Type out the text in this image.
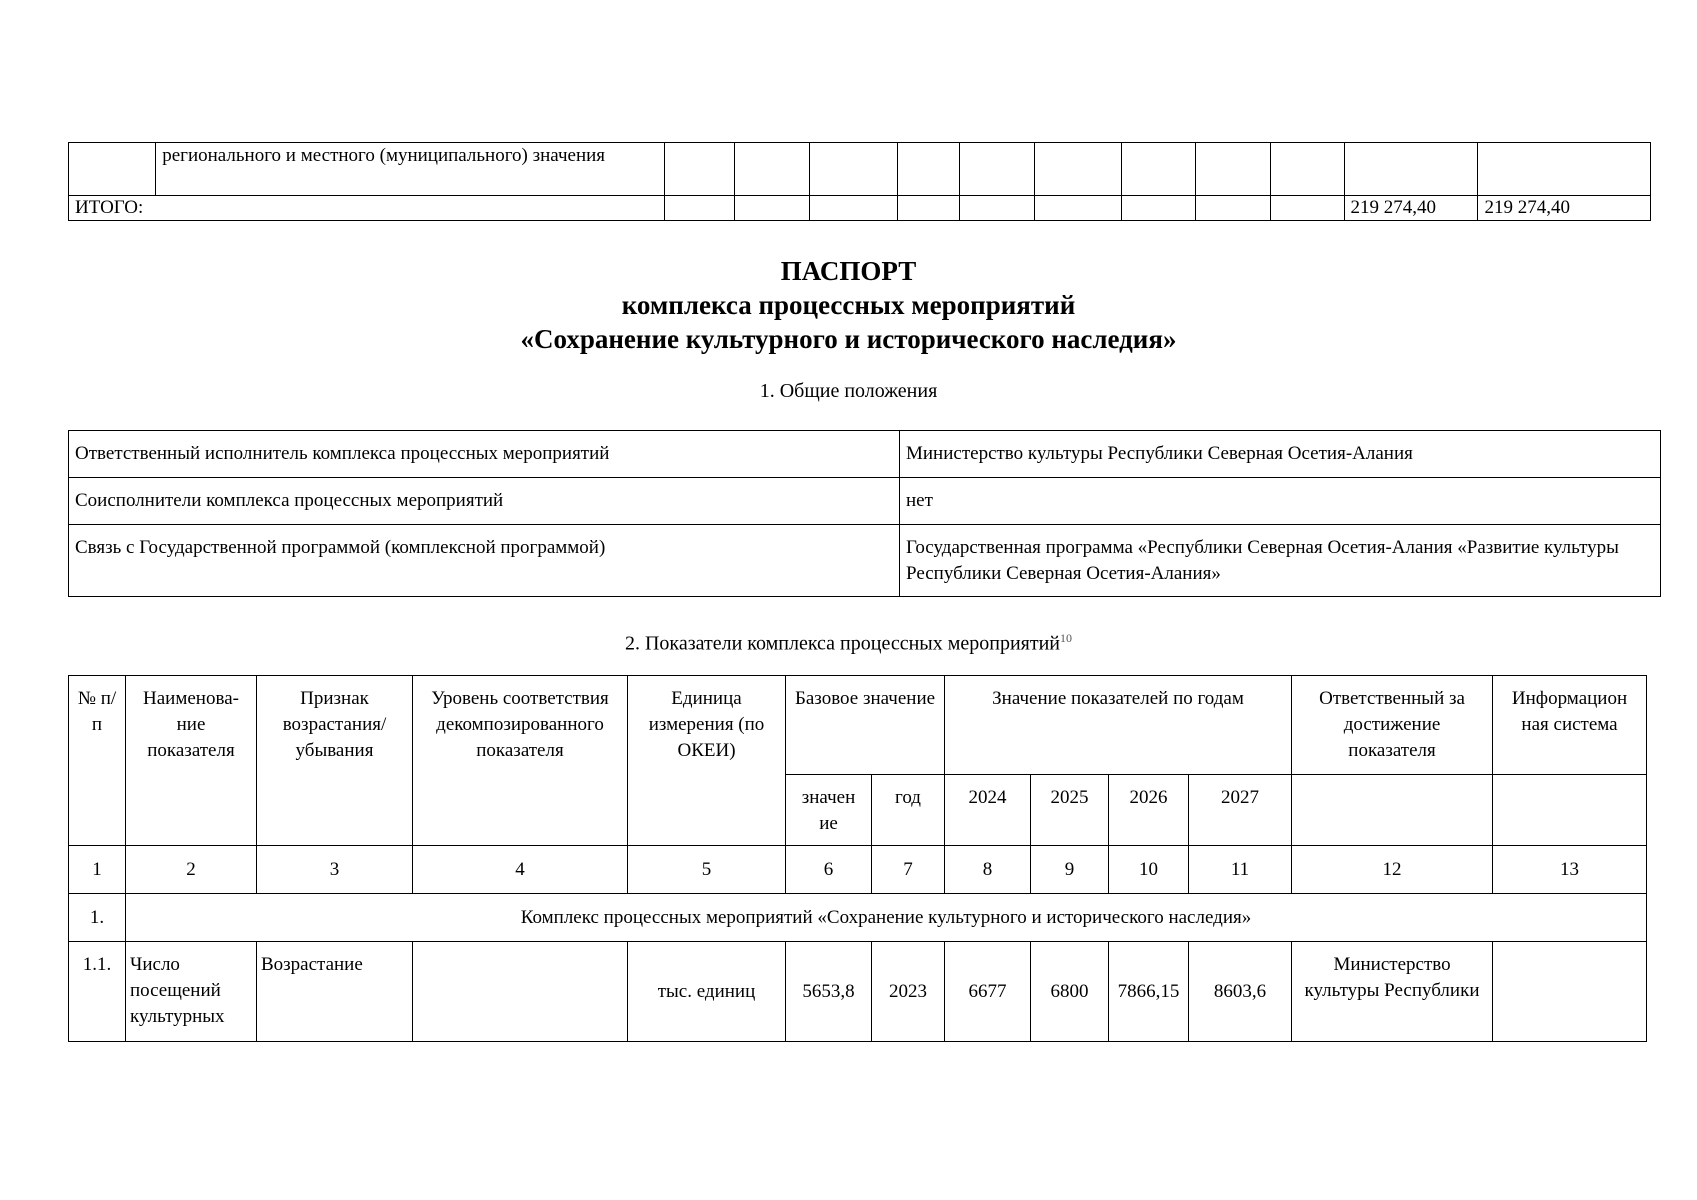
	регионального и местного (муниципального) значения											
ИТОГО:											219 274,40	219 274,40
ПАСПОРТ
комплекса процессных мероприятий
«Сохранение культурного и исторического наследия»
1. Общие положения
Ответственный исполнитель комплекса процессных мероприятий	Министерство культуры Республики Северная Осетия-Алания
Соисполнители комплекса процессных мероприятий	нет
Связь с Государственной программой (комплексной программой)	Государственная программа «Республики Северная Осетия-Алания «Развитие культуры Республики Северная Осетия-Алания»
2. Показатели комплекса процессных мероприятий$^{10}$
№ п/п	Наименова-ние показателя	Признак возрастания/ убывания	Уровень соответствия декомпозированного показателя	Единица измерения (по ОКЕИ)	Базовое значение		Значение показателей по годам				Ответственный за достижение показателя	Информацион ная система
					значен ие	год	2024	2025	2026	2027		
1	2	3	4	5	6	7	8	9	10	11	12	13
1.	Комплекс процессных мероприятий «Сохранение культурного и исторического наследия»											
1.1.	Число посещений культурных	Возрастание		тыс. единиц	5653,8	2023	6677	6800	7866,15	8603,6	Министерство культуры Республики	
